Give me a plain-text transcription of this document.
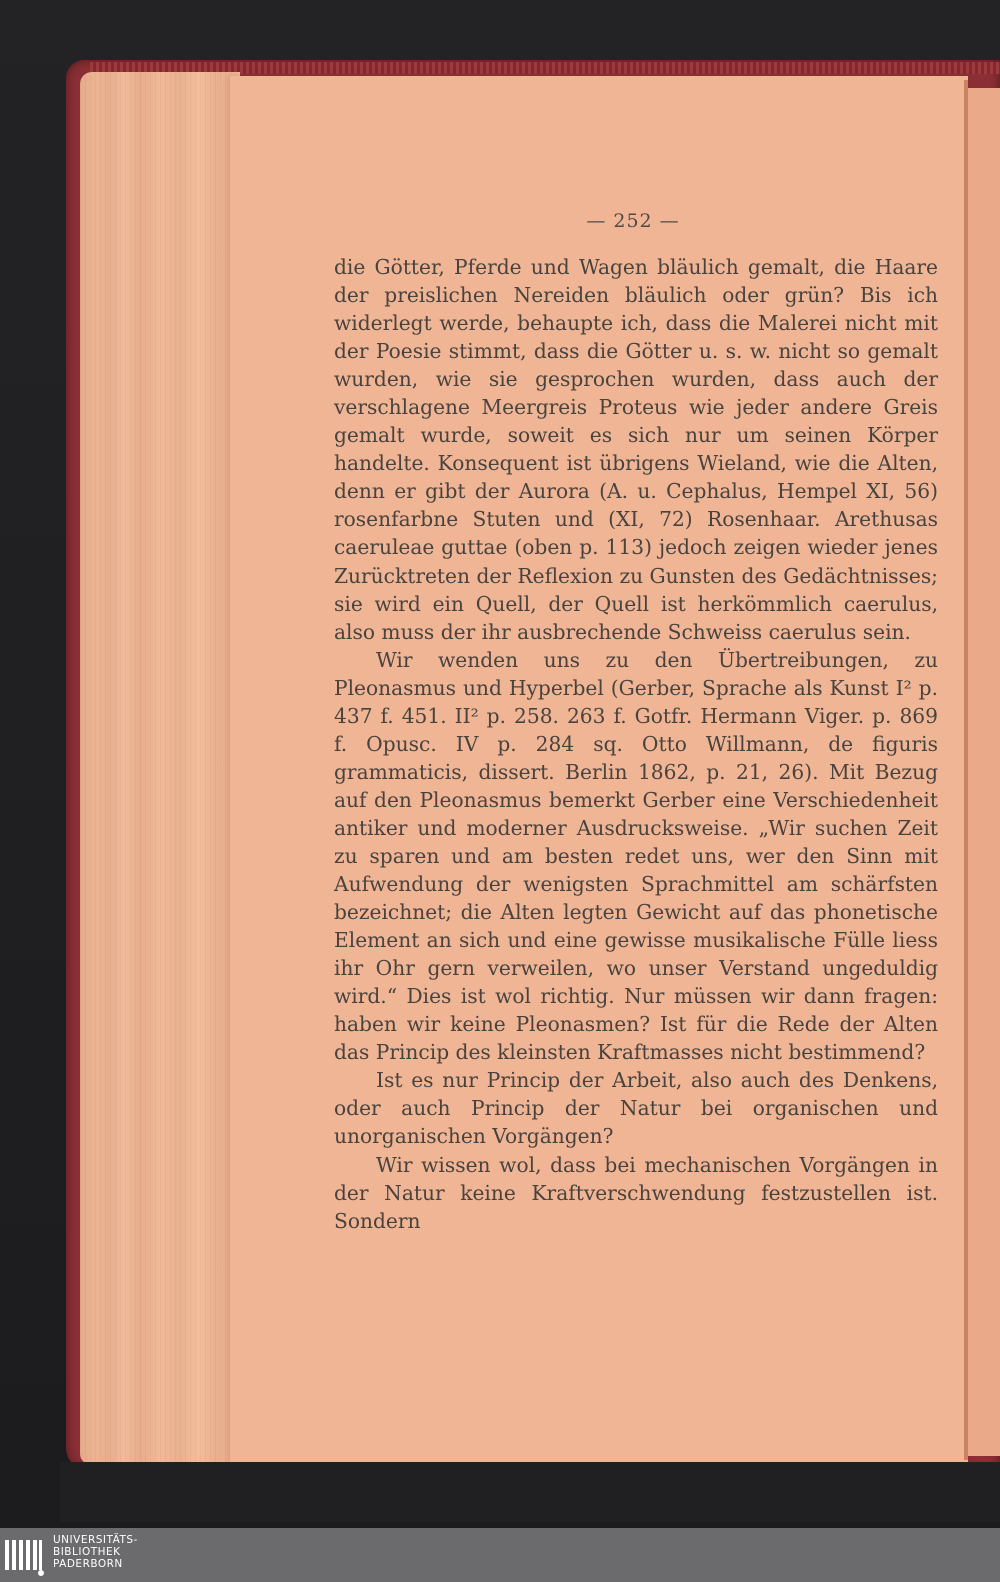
— 252 —

die Götter, Pferde und Wagen bläulich gemalt, die Haare der preislichen Nereiden bläulich oder grün? Bis ich widerlegt werde, behaupte ich, dass die Malerei nicht mit der Poesie stimmt, dass die Götter u. s. w. nicht so gemalt wurden, wie sie gesprochen wurden, dass auch der verschlagene Meergreis Proteus wie jeder andere Greis gemalt wurde, soweit es sich nur um seinen Körper handelte. Konsequent ist übrigens Wieland, wie die Alten, denn er gibt der Aurora (A. u. Cephalus, Hempel XI, 56) rosenfarbne Stuten und (XI, 72) Rosenhaar. Arethusas caeruleae guttae (oben p. 113) jedoch zeigen wieder jenes Zurücktreten der Reflexion zu Gunsten des Gedächtnisses; sie wird ein Quell, der Quell ist herkömmlich caerulus, also muss der ihr ausbrechende Schweiss caerulus sein.

Wir wenden uns zu den Übertreibungen, zu Pleonasmus und Hyperbel (Gerber, Sprache als Kunst I² p. 437 f. 451. II² p. 258. 263 f. Gotfr. Hermann Viger. p. 869 f. Opusc. IV p. 284 sq. Otto Willmann, de figuris grammaticis, dissert. Berlin 1862, p. 21, 26). Mit Bezug auf den Pleonasmus bemerkt Gerber eine Verschiedenheit antiker und moderner Ausdrucksweise. „Wir suchen Zeit zu sparen und am besten redet uns, wer den Sinn mit Aufwendung der wenigsten Sprachmittel am schärfsten bezeichnet; die Alten legten Gewicht auf das phonetische Element an sich und eine gewisse musikalische Fülle liess ihr Ohr gern verweilen, wo unser Verstand ungeduldig wird.“ Dies ist wol richtig. Nur müssen wir dann fragen: haben wir keine Pleonasmen? Ist für die Rede der Alten das Princip des kleinsten Kraftmasses nicht bestimmend?

Ist es nur Princip der Arbeit, also auch des Denkens, oder auch Princip der Natur bei organischen und unorganischen Vorgängen?

Wir wissen wol, dass bei mechanischen Vorgängen in der Natur keine Kraftverschwendung festzustellen ist. Sondern

UNIVERSITÄTS-
BIBLIOTHEK
PADERBORN
